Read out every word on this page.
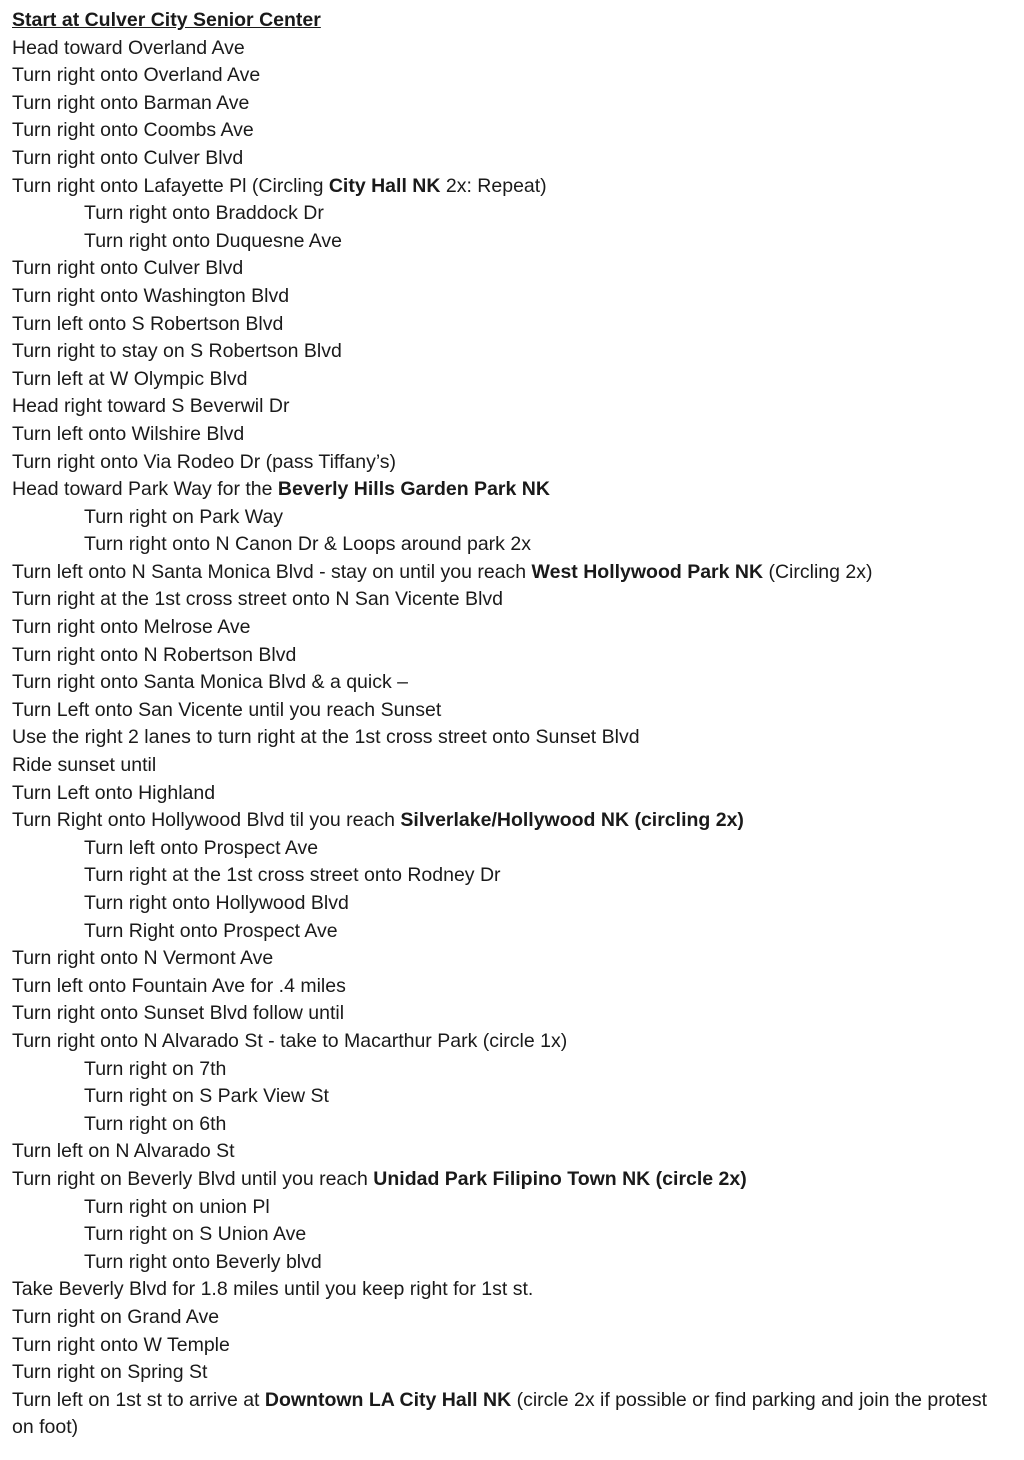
Start at Culver City Senior Center
Head toward Overland Ave
Turn right onto Overland Ave
Turn right onto Barman Ave
Turn right onto Coombs Ave
Turn right onto Culver Blvd
Turn right onto Lafayette Pl (Circling City Hall NK 2x: Repeat)
Turn right onto Braddock Dr
Turn right onto Duquesne Ave
Turn right onto Culver Blvd
Turn right onto Washington Blvd
Turn left onto S Robertson Blvd
Turn right to stay on S Robertson Blvd
Turn left at W Olympic Blvd
Head right toward S Beverwil Dr
Turn left onto Wilshire Blvd
Turn right onto Via Rodeo Dr (pass Tiffany’s)
Head toward Park Way for the Beverly Hills Garden Park NK
Turn right on Park Way
Turn right onto N Canon Dr & Loops around park 2x
Turn left onto N Santa Monica Blvd - stay on until you reach West Hollywood Park NK (Circling 2x)
Turn right at the 1st cross street onto N San Vicente Blvd
Turn right onto Melrose Ave
Turn right onto N Robertson Blvd
Turn right onto Santa Monica Blvd & a quick –
Turn Left onto San Vicente until you reach Sunset
Use the right 2 lanes to turn right at the 1st cross street onto Sunset Blvd
Ride sunset until
Turn Left onto Highland
Turn Right onto Hollywood Blvd til you reach Silverlake/Hollywood NK (circling 2x)
Turn left onto Prospect Ave
Turn right at the 1st cross street onto Rodney Dr
Turn right onto Hollywood Blvd
Turn Right onto Prospect Ave
Turn right onto N Vermont Ave
Turn left onto Fountain Ave for .4 miles
Turn right onto Sunset Blvd follow until
Turn right onto N Alvarado St - take to Macarthur Park (circle 1x)
Turn right on 7th
Turn right on S Park View St
Turn right on 6th
Turn left on N Alvarado St
Turn right on Beverly Blvd until you reach Unidad Park Filipino Town NK (circle 2x)
Turn right on union Pl
Turn right on S Union Ave
Turn right onto Beverly blvd
Take Beverly Blvd for 1.8 miles until you keep right for 1st st.
Turn right on Grand Ave
Turn right onto W Temple
Turn right on Spring St
Turn left on 1st st to arrive at Downtown LA City Hall NK (circle 2x if possible or find parking and join the protest on foot)
